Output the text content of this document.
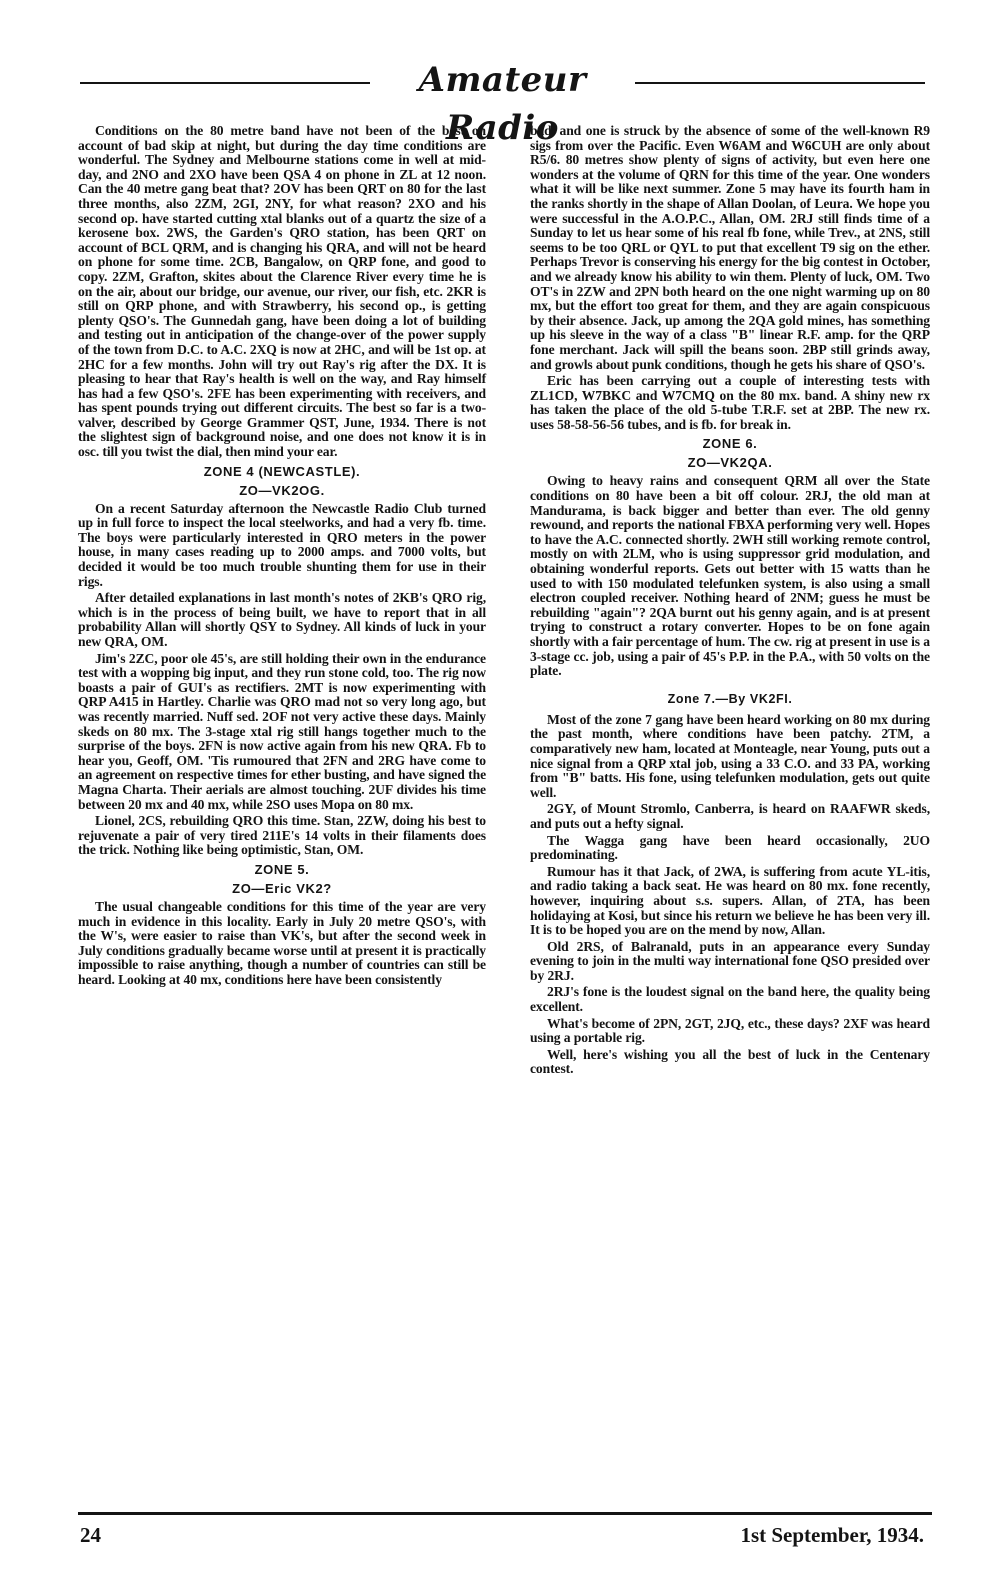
Amateur Radio

Conditions on the 80 metre band have not been of the best on account of bad skip at night, but during the day time conditions are wonderful. The Sydney and Melbourne stations come in well at mid-day, and 2NO and 2XO have been QSA 4 on phone in ZL at 12 noon. Can the 40 metre gang beat that? 2OV has been QRT on 80 for the last three months, also 2ZM, 2GI, 2NY, for what reason? 2XO and his second op. have started cutting xtal blanks out of a quartz the size of a kerosene box. 2WS, the Garden's QRO station, has been QRT on account of BCL QRM, and is changing his QRA, and will not be heard on phone for some time. 2CB, Bangalow, on QRP fone, and good to copy. 2ZM, Grafton, skites about the Clarence River every time he is on the air, about our bridge, our avenue, our river, our fish, etc. 2KR is still on QRP phone, and with Strawberry, his second op., is getting plenty QSO's. The Gunnedah gang, have been doing a lot of building and testing out in anticipation of the change-over of the power supply of the town from D.C. to A.C. 2XQ is now at 2HC, and will be 1st op. at 2HC for a few months. John will try out Ray's rig after the DX. It is pleasing to hear that Ray's health is well on the way, and Ray himself has had a few QSO's. 2FE has been experimenting with receivers, and has spent pounds trying out different circuits. The best so far is a two-valver, described by George Grammer QST, June, 1934. There is not the slightest sign of background noise, and one does not know it is in osc. till you twist the dial, then mind your ear.

ZONE 4 (NEWCASTLE).
ZO—VK2OG.

On a recent Saturday afternoon the Newcastle Radio Club turned up in full force to inspect the local steelworks, and had a very fb. time. The boys were particularly interested in QRO meters in the power house, in many cases reading up to 2000 amps. and 7000 volts, but decided it would be too much trouble shunting them for use in their rigs.

After detailed explanations in last month's notes of 2KB's QRO rig, which is in the process of being built, we have to report that in all probability Allan will shortly QSY to Sydney. All kinds of luck in your new QRA, OM.

Jim's 2ZC, poor ole 45's, are still holding their own in the endurance test with a wopping big input, and they run stone cold, too. The rig now boasts a pair of GUI's as rectifiers. 2MT is now experimenting with QRP A415 in Hartley. Charlie was QRO mad not so very long ago, but was recently married. Nuff sed. 2OF not very active these days. Mainly skeds on 80 mx. The 3-stage xtal rig still hangs together much to the surprise of the boys. 2FN is now active again from his new QRA. Fb to hear you, Geoff, OM. 'Tis rumoured that 2FN and 2RG have come to an agreement on respective times for ether busting, and have signed the Magna Charta. Their aerials are almost touching. 2UF divides his time between 20 mx and 40 mx, while 2SO uses Mopa on 80 mx.

Lionel, 2CS, rebuilding QRO this time. Stan, 2ZW, doing his best to rejuvenate a pair of very tired 211E's 14 volts in their filaments does the trick. Nothing like being optimistic, Stan, OM.

ZONE 5.
ZO—Eric VK2?

The usual changeable conditions for this time of the year are very much in evidence in this locality. Early in July 20 metre QSO's, with the W's, were easier to raise than VK's, but after the second week in July conditions gradually became worse until at present it is practically impossible to raise anything, though a number of countries can still be heard. Looking at 40 mx, conditions here have been consistently

bad, and one is struck by the absence of some of the well-known R9 sigs from over the Pacific. Even W6AM and W6CUH are only about R5/6. 80 metres show plenty of signs of activity, but even here one wonders at the volume of QRN for this time of the year. One wonders what it will be like next summer. Zone 5 may have its fourth ham in the ranks shortly in the shape of Allan Doolan, of Leura. We hope you were successful in the A.O.P.C., Allan, OM. 2RJ still finds time of a Sunday to let us hear some of his real fb fone, while Trev., at 2NS, still seems to be too QRL or QYL to put that excellent T9 sig on the ether. Perhaps Trevor is conserving his energy for the big contest in October, and we already know his ability to win them. Plenty of luck, OM. Two OT's in 2ZW and 2PN both heard on the one night warming up on 80 mx, but the effort too great for them, and they are again conspicuous by their absence. Jack, up among the 2QA gold mines, has something up his sleeve in the way of a class "B" linear R.F. amp. for the QRP fone merchant. Jack will spill the beans soon. 2BP still grinds away, and growls about punk conditions, though he gets his share of QSO's.

Eric has been carrying out a couple of interesting tests with ZL1CD, W7BKC and W7CMQ on the 80 mx. band. A shiny new rx has taken the place of the old 5-tube T.R.F. set at 2BP. The new rx. uses 58-58-56-56 tubes, and is fb. for break in.

ZONE 6.
ZO—VK2QA.

Owing to heavy rains and consequent QRM all over the State conditions on 80 have been a bit off colour. 2RJ, the old man at Mandurama, is back bigger and better than ever. The old genny rewound, and reports the national FBXA performing very well. Hopes to have the A.C. connected shortly. 2WH still working remote control, mostly on with 2LM, who is using suppressor grid modulation, and obtaining wonderful reports. Gets out better with 15 watts than he used to with 150 modulated telefunken system, is also using a small electron coupled receiver. Nothing heard of 2NM; guess he must be rebuilding "again"? 2QA burnt out his genny again, and is at present trying to construct a rotary converter. Hopes to be on fone again shortly with a fair percentage of hum. The cw. rig at present in use is a 3-stage cc. job, using a pair of 45's P.P. in the P.A., with 50 volts on the plate.

Zone 7.—By VK2FI.

Most of the zone 7 gang have been heard working on 80 mx during the past month, where conditions have been patchy. 2TM, a comparatively new ham, located at Monteagle, near Young, puts out a nice signal from a QRP xtal job, using a 33 C.O. and 33 PA, working from "B" batts. His fone, using telefunken modulation, gets out quite well.

2GY, of Mount Stromlo, Canberra, is heard on RAAFWR skeds, and puts out a hefty signal.

The Wagga gang have been heard occasionally, 2UO predominating.

Rumour has it that Jack, of 2WA, is suffering from acute YL-itis, and radio taking a back seat. He was heard on 80 mx. fone recently, however, inquiring about s.s. supers. Allan, of 2TA, has been holidaying at Kosi, but since his return we believe he has been very ill. It is to be hoped you are on the mend by now, Allan.

Old 2RS, of Balranald, puts in an appearance every Sunday evening to join in the multi way international fone QSO presided over by 2RJ.

2RJ's fone is the loudest signal on the band here, the quality being excellent.

What's become of 2PN, 2GT, 2JQ, etc., these days? 2XF was heard using a portable rig.

Well, here's wishing you all the best of luck in the Centenary contest.

24	1st September, 1934.
